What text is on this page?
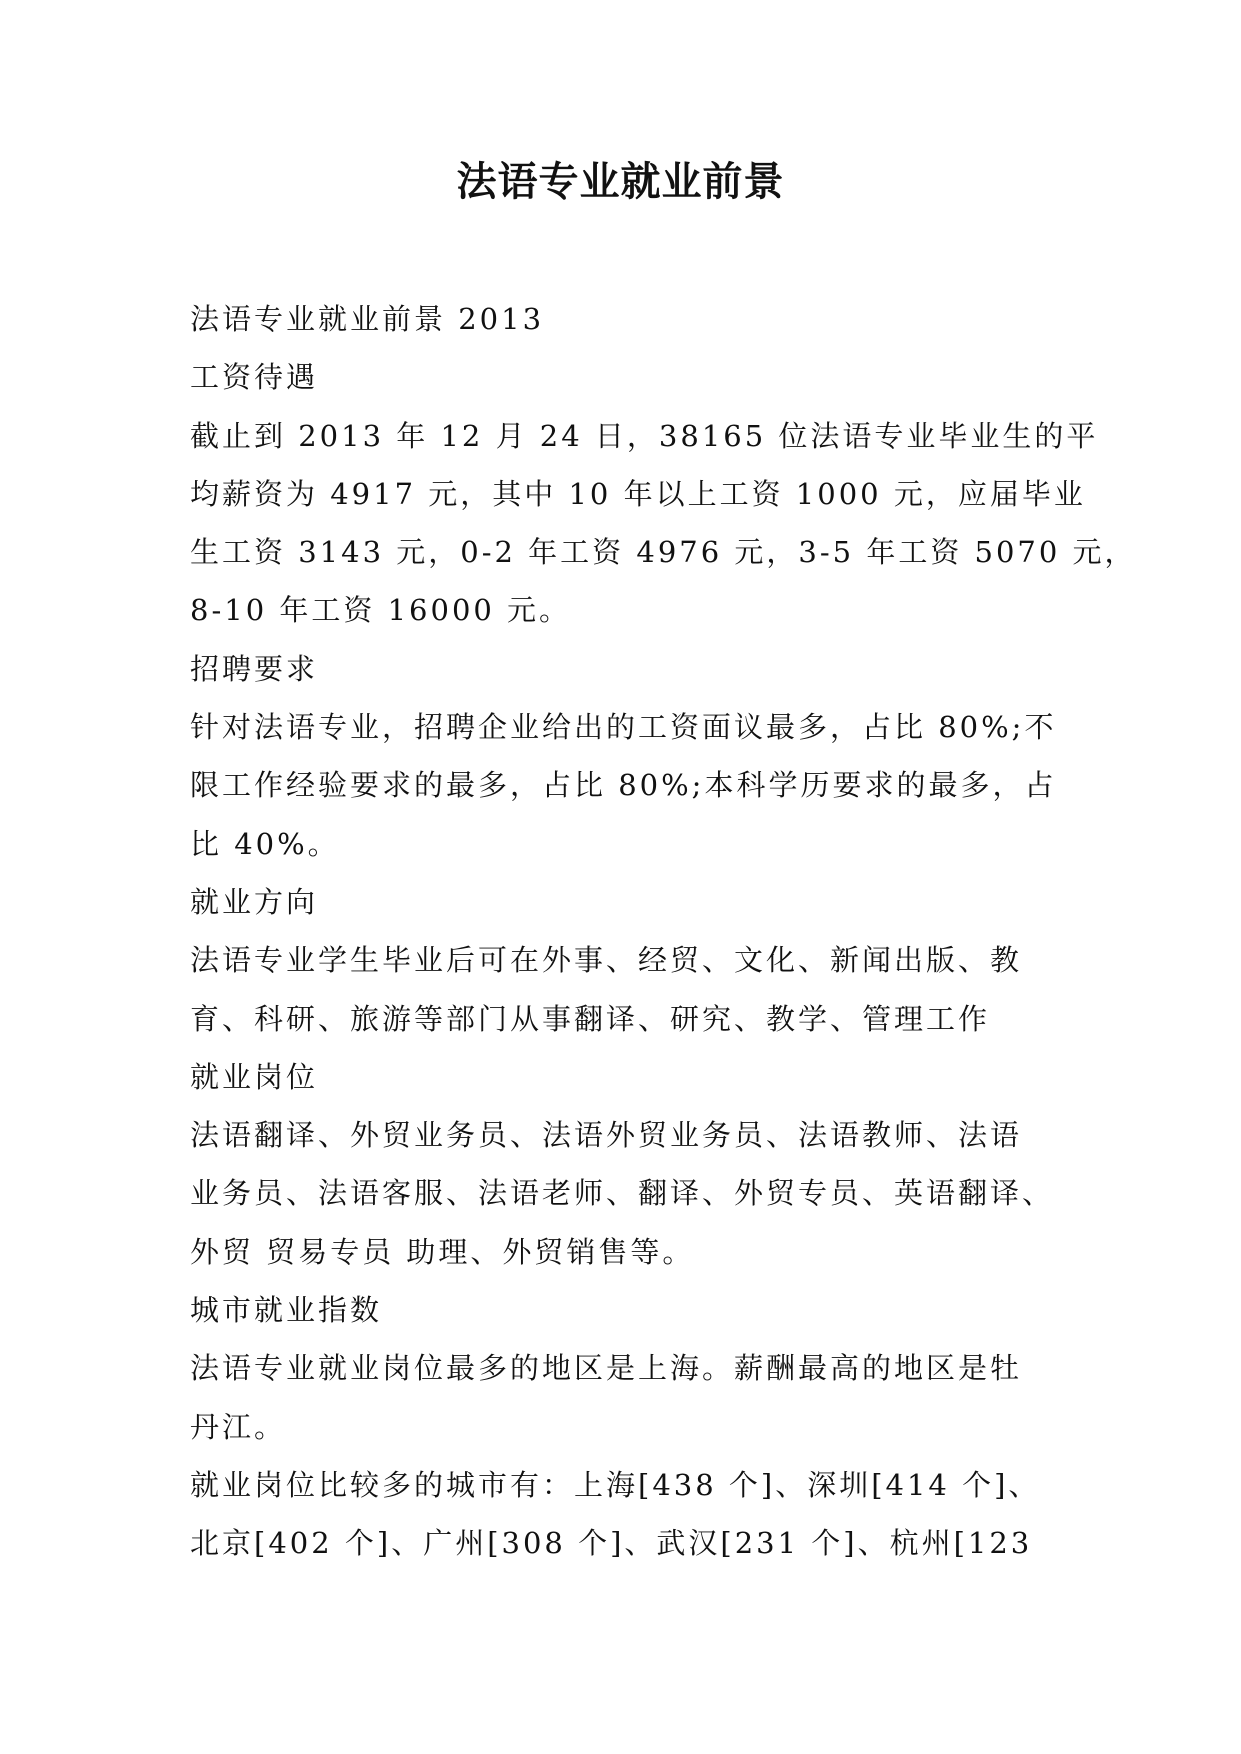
法语专业就业前景
法语专业就业前景 2013
工资待遇
截止到 2013 年 12 月 24 日，38165 位法语专业毕业生的平
均薪资为 4917 元，其中 10 年以上工资 1000 元，应届毕业
生工资 3143 元，0-2 年工资 4976 元，3-5 年工资 5070 元，
8-10 年工资 16000 元。
招聘要求
针对法语专业，招聘企业给出的工资面议最多，占比 80%;不
限工作经验要求的最多，占比 80%;本科学历要求的最多，占
比 40%。
就业方向
法语专业学生毕业后可在外事、经贸、文化、新闻出版、教
育、科研、旅游等部门从事翻译、研究、教学、管理工作
就业岗位
法语翻译、外贸业务员、法语外贸业务员、法语教师、法语
业务员、法语客服、法语老师、翻译、外贸专员、英语翻译、
外贸 贸易专员 助理、外贸销售等。
城市就业指数
法语专业就业岗位最多的地区是上海。薪酬最高的地区是牡
丹江。
就业岗位比较多的城市有：上海[438 个]、深圳[414 个]、
北京[402 个]、广州[308 个]、武汉[231 个]、杭州[123
